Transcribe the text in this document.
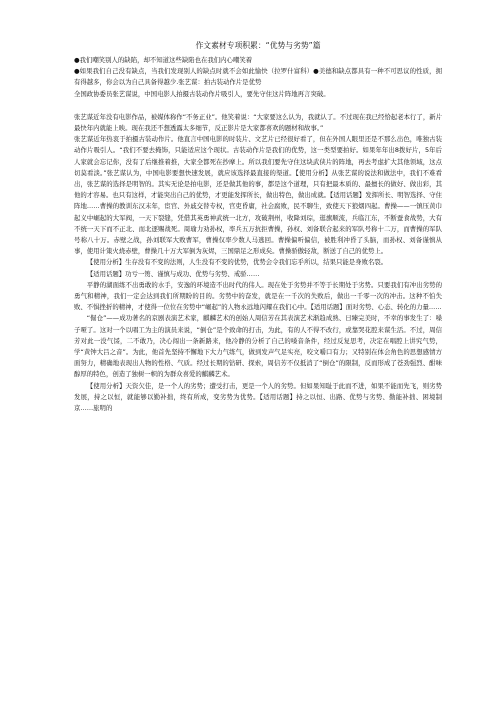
作文素材专项积累：“优势与劣势”篇
●我们嘲笑别人的缺陷，却不知道这些缺陷也在我们内心嘲笑着
●如果我们自己没有缺点，当我们发现别人的缺点时就不会如此愉快（拉罗什富科）●美德和缺点都具有一种不可思议的性质，拥有得越多，你会以为自己具备得越少.张艺谋：拍古装动作片是优势
全国政协委员张艺谋说，中国电影人拍摄古装动作片吸引人，要先守住这片阵地再言突破。
张艺谋近年没有电影作品，被媒体称作“不务正业”。他笑着说：“大家要这么认为，我就认了。不过现在我已经恰起老本行了，新片最快年内就能上映。现在我还不想透露太多细节，反正影片是大家都喜欢的题材和故事。”
张艺谋近年热衷于拍摄古装动作片。他直言中国电影的时装片、文艺片已经很好看了，但在外国人眼里还是不那么出色，唯独古装动作片吸引人。“我们不要去掩饰，只能适应这个现状。古装动作片是我们的优势，这一类型要拍好。如果年年出8拨好片，5年后人家就会忘记你，没有了后继推着推，大家全都死在抄摩上。所以我们要先守住这块武侠片的阵地，再去考虑扩大其他领域，这点切莫看淡。”张艺谋认为，中国电影要想快速发展，就应该选择最直接的渠道。【使用分析】从张艺谋的说法和做法中，我们不难看出，张艺谋的选择是明智的。其实无论是拍电影，还是做其他的事，都是这个道理，只有把最本质的、最擅长的做好、做出彩，其他的才容易。也只有这样，才能突出自己的优势，才更能发挥所长，做出特色，做出成就。【适用话题】发挥所长、明智选择、守住阵地……曹操的教训东汉末年，宦官、外戚交替专权，官吏昏庸，社会腐败，民不聊生，致使天下狼烟四起。曹操——一镇压黄巾起义中崛起的大军阀，一天下裂缝，凭借其英勇神武统一北方，攻破荆州，收降刘琮，逛旗顺流，兵临江东，不断蚕食战势，大有不统一天下而不正北、而北逐赐战死。周瑜力劝孙权，率兵五万抗拒曹操，孙权、刘备联合起来的军队号称十二万，而曹操的军队号称八十万。赤壁之战，孙刘联军大败曹军，曹操仅率少数人马逃回。曹操偏听偏信，被胜利冲昏了头脑，而孙权、刘备谨慎从事，使用计策火烧赤壁，曹操几十万大军倒为灰烬，三国鼎足之形成矣。曹操骄傲轻敌，断送了自己的优势上。
【使用分析】生存没有不变的法则，人生没有不变的优势，优势会令我们忘乎所以，结果只能是身败名裂。
【适用话题】功亏一篑、谨慎与成功、优势与劣势、戒骄……
平静的湖面练不出勇敢的水手，安逸的环境造不出时代的伟人。现在处于劣势并不等于长期处于劣势。只要我们有冲出劣势的勇气和精神，我们一定会达到我们所期盼的目的。劣势中的奋发，就是在一千次的失败后，做出一千零一次的冲击。这种不怕失败、不惧挫折的精神，才使得一位位在劣势中“崛起”的人物永远地闪耀在我们心中。【适用话题】面对劣势、心态、转化的力量……
“倔仓”——成功著名的京剧表演艺术家，麒麟艺术的创始人周信芳在其表演艺术渐趋成熟、日臻完美时，不幸的事发生了：嗓子哑了。这对一个以唱工为主的演员来说，“倒仓”是个致命的打击，为此，有的人不得不改行，或靠哭花腔来谋生活。不过，周信芳对此一没气馁，二不敢乃，决心闯出一条新路来，他冷静的分析了自己的嗓音条件，经过反复思考，决定在唱腔上讲究气势，学“黄钟大吕之音”。为此，他首先坚持不懈地下大力气练气，做到发声气足实亮，咬文嚼口有力；又特别在体会角色的思想感情方面努力，精确地表现出人物的性格、气质。经过长期的钻研、探索，周信芳不仅抵消了“倒仓”的限制，反而形成了苍劲强烈、酣味醇厚的特色，创造了独树一帜的为群众喜爱的麒麟艺术。
【使用分析】天资欠佳，是一个人的劣势；遭受打击，更是一个人的劣势。但如果知耻于此而不进，如果不能而先飞，则劣势发展，持之以恒，就能够以勤补拙，终有所成，变劣势为优势。【适用话题】持之以恒、出路、优势与劣势、勤能补拙、困境制京……旅明的
